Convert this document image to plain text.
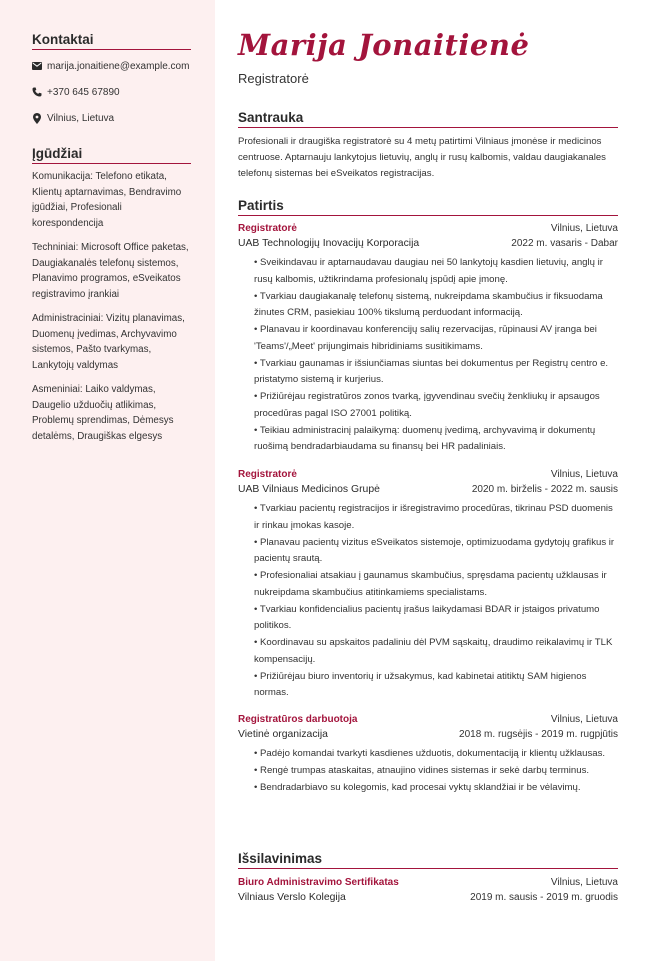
Kontaktai
marija.jonaitiene@example.com
+370 645 67890
Vilnius, Lietuva
Įgūdžiai
Komunikacija: Telefono etikata, Klientų aptarnavimas, Bendravimo įgūdžiai, Profesionali korespondencija
Techniniai: Microsoft Office paketas, Daugiakanalės telefonų sistemos, Planavimo programos, eSveikatos registravimo įrankiai
Administraciniai: Vizitų planavimas, Duomenų įvedimas, Archyvavimo sistemos, Pašto tvarkymas, Lankytojų valdymas
Asmeniniai: Laiko valdymas, Daugelio užduočių atlikimas, Problemų sprendimas, Dėmesys detalėms, Draugiškas elgesys
Marija Jonaitienė
Registratorė
Santrauka
Profesionali ir draugiška registratorė su 4 metų patirtimi Vilniaus įmonėse ir medicinos centruose. Aptarnauju lankytojus lietuvių, anglų ir rusų kalbomis, valdau daugiakanales telefonų sistemas bei eSveikatos registracijas.
Patirtis
Registratorė	Vilnius, Lietuva
UAB Technologijų Inovacijų Korporacija	2022 m. vasaris - Dabar
• Sveikindavau ir aptarnaudavau daugiau nei 50 lankytojų kasdien lietuvių, anglų ir rusų kalbomis, užtikrindama profesionalų įspūdį apie įmonę.
• Tvarkiau daugiakanalę telefonų sistemą, nukreipdama skambučius ir fiksuodama žinutes CRM, pasiekiau 100% tikslumą perduodant informaciją.
• Planavau ir koordinavau konferencijų salių rezervacijas, rūpinausi AV įranga bei 'Teams'/„Meet' prijungimais hibridiniams susitikimams.
• Tvarkiau gaunamas ir išsiunčiamas siuntas bei dokumentus per Registrų centro e. pristatymo sistemą ir kurjerius.
• Prižiūrėjau registratūros zonos tvarką, įgyvendinau svečių ženkliukų ir apsaugos procedūras pagal ISO 27001 politiką.
• Teikiau administracinį palaikymą: duomenų įvedimą, archyvavimą ir dokumentų ruošimą bendradarbiaudama su finansų bei HR padaliniais.
Registratorė	Vilnius, Lietuva
UAB Vilniaus Medicinos Grupė	2020 m. birželis - 2022 m. sausis
• Tvarkiau pacientų registracijos ir išregistravimo procedūras, tikrinau PSD duomenis ir rinkau įmokas kasoje.
• Planavau pacientų vizitus eSveikatos sistemoje, optimizuodama gydytojų grafikus ir pacientų srautą.
• Profesionaliai atsakiau į gaunamus skambučius, spręsdama pacientų užklausas ir nukreipdama skambučius atitinkamiems specialistams.
• Tvarkiau konfidencialius pacientų įrašus laikydamasi BDAR ir įstaigos privatumo politikos.
• Koordinavau su apskaitos padaliniu dėl PVM sąskaitų, draudimo reikalavimų ir TLK kompensacijų.
• Prižiūrėjau biuro inventorių ir užsakymus, kad kabinetai atitiktų SAM higienos normas.
Registratūros darbuotoja	Vilnius, Lietuva
Vietinė organizacija	2018 m. rugsėjis - 2019 m. rugpjūtis
• Padėjo komandai tvarkyti kasdienes užduotis, dokumentaciją ir klientų užklausas.
• Rengė trumpas ataskaitas, atnaujino vidines sistemas ir sekė darbų terminus.
• Bendradarbiavo su kolegomis, kad procesai vyktų sklandžiai ir be vėlavimų.
Išsilavinimas
Biuro Administravimo Sertifikatas	Vilnius, Lietuva
Vilniaus Verslo Kolegija	2019 m. sausis - 2019 m. gruodis
